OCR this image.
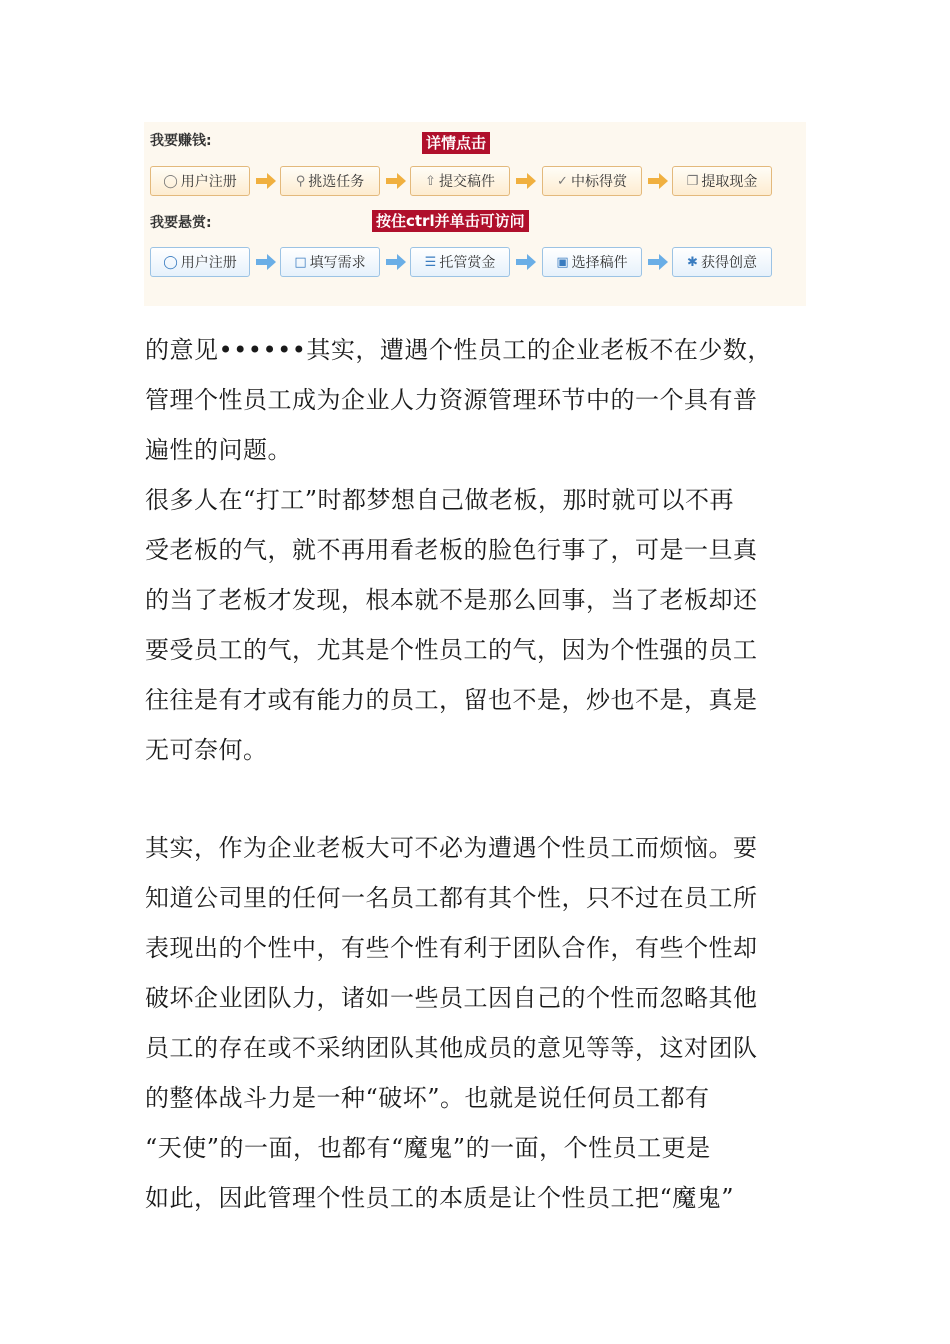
我要赚钱:	详情点击
◯ 用户注册	⚲ 挑选任务	⇧ 提交稿件	✓ 中标得赏	❐ 提取现金
我要悬赏:	按住ctrl并单击可访问
◯ 用户注册	□ 填写需求	☰ 托管赏金	▣ 选择稿件	✱ 获得创意

的意见••••••其实，遭遇个性员工的企业老板不在少数，

管理个性员工成为企业人力资源管理环节中的一个具有普

遍性的问题。

很多人在“打工”时都梦想自己做老板，那时就可以不再

受老板的气，就不再用看老板的脸色行事了，可是一旦真

的当了老板才发现，根本就不是那么回事，当了老板却还

要受员工的气，尤其是个性员工的气，因为个性强的员工

往往是有才或有能力的员工，留也不是，炒也不是，真是

无可奈何。

其实，作为企业老板大可不必为遭遇个性员工而烦恼。要

知道公司里的任何一名员工都有其个性，只不过在员工所

表现出的个性中，有些个性有利于团队合作，有些个性却

破坏企业团队力，诸如一些员工因自己的个性而忽略其他

员工的存在或不采纳团队其他成员的意见等等，这对团队

的整体战斗力是一种“破坏”。也就是说任何员工都有

“天使”的一面，也都有“魔鬼”的一面，个性员工更是

如此，因此管理个性员工的本质是让个性员工把“魔鬼”
